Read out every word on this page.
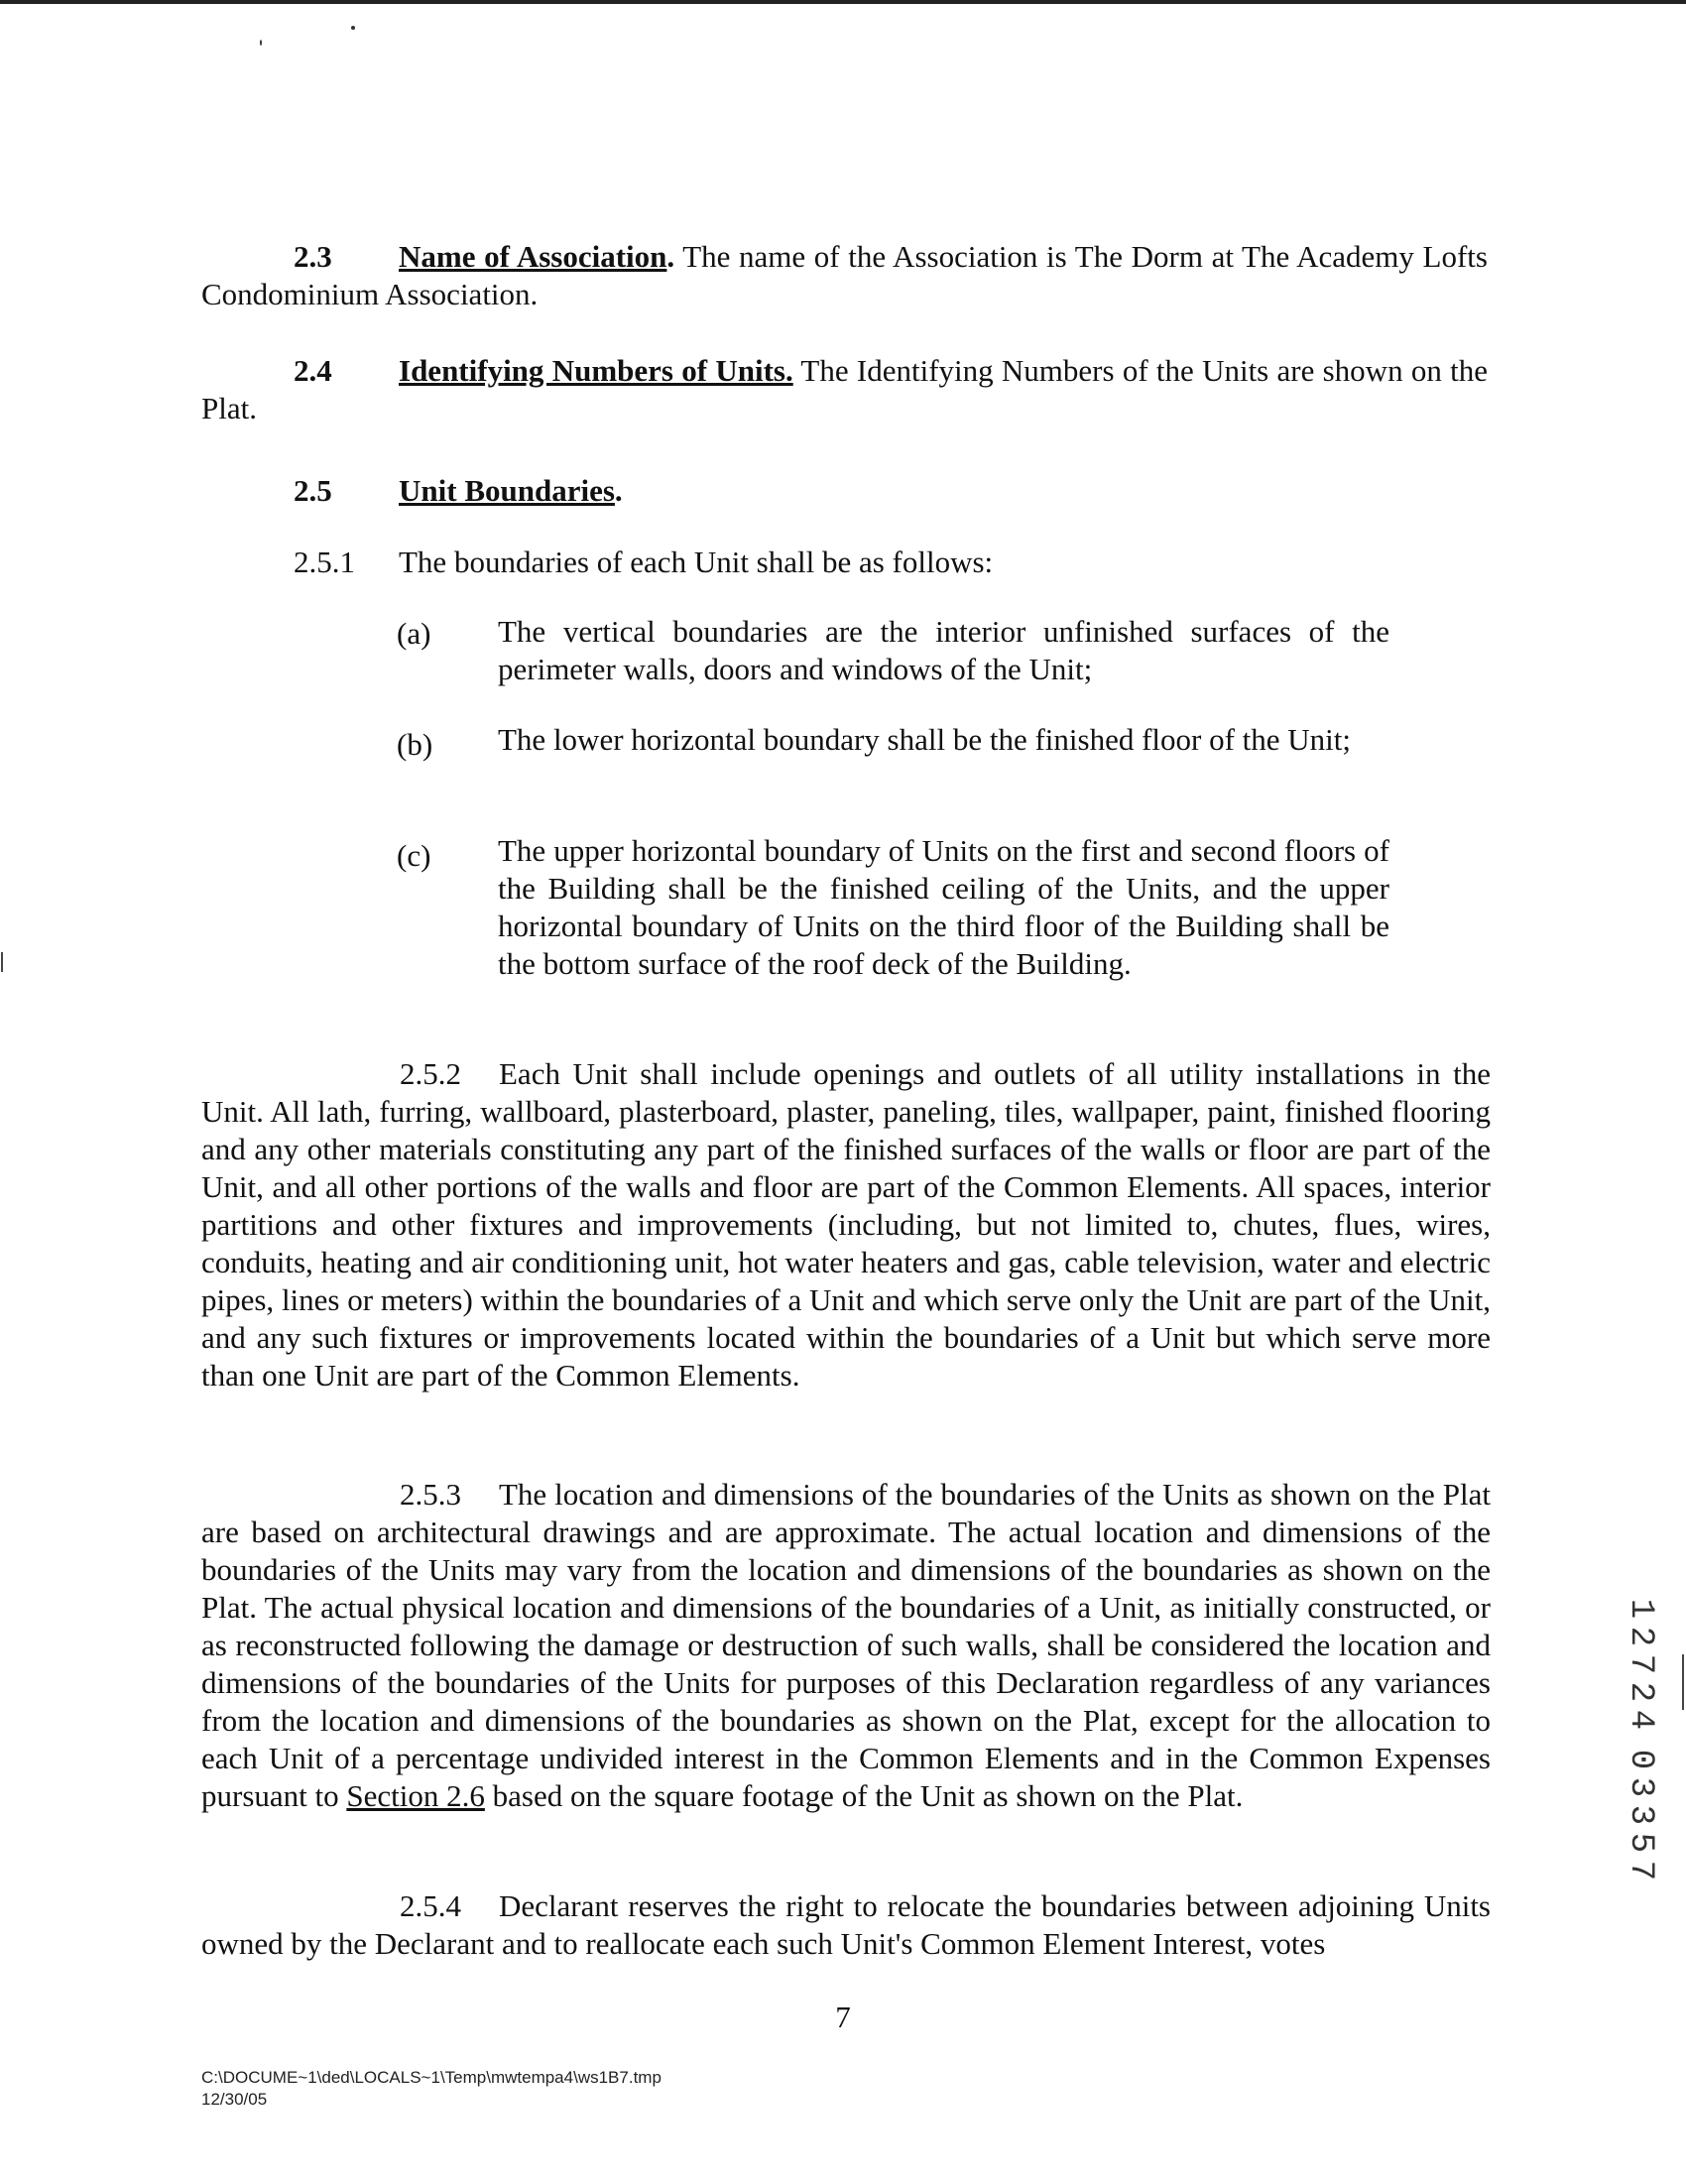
2.3 Name of Association. The name of the Association is The Dorm at The Academy Lofts Condominium Association.
2.4 Identifying Numbers of Units. The Identifying Numbers of the Units are shown on the Plat.
2.5 Unit Boundaries.
2.5.1 The boundaries of each Unit shall be as follows:
(a) The vertical boundaries are the interior unfinished surfaces of the perimeter walls, doors and windows of the Unit;
(b) The lower horizontal boundary shall be the finished floor of the Unit;
(c) The upper horizontal boundary of Units on the first and second floors of the Building shall be the finished ceiling of the Units, and the upper horizontal boundary of Units on the third floor of the Building shall be the bottom surface of the roof deck of the Building.
2.5.2 Each Unit shall include openings and outlets of all utility installations in the Unit. All lath, furring, wallboard, plasterboard, plaster, paneling, tiles, wallpaper, paint, finished flooring and any other materials constituting any part of the finished surfaces of the walls or floor are part of the Unit, and all other portions of the walls and floor are part of the Common Elements. All spaces, interior partitions and other fixtures and improvements (including, but not limited to, chutes, flues, wires, conduits, heating and air conditioning unit, hot water heaters and gas, cable television, water and electric pipes, lines or meters) within the boundaries of a Unit and which serve only the Unit are part of the Unit, and any such fixtures or improvements located within the boundaries of a Unit but which serve more than one Unit are part of the Common Elements.
2.5.3 The location and dimensions of the boundaries of the Units as shown on the Plat are based on architectural drawings and are approximate. The actual location and dimensions of the boundaries of the Units may vary from the location and dimensions of the boundaries as shown on the Plat. The actual physical location and dimensions of the boundaries of a Unit, as initially constructed, or as reconstructed following the damage or destruction of such walls, shall be considered the location and dimensions of the boundaries of the Units for purposes of this Declaration regardless of any variances from the location and dimensions of the boundaries as shown on the Plat, except for the allocation to each Unit of a percentage undivided interest in the Common Elements and in the Common Expenses pursuant to Section 2.6 based on the square footage of the Unit as shown on the Plat.
2.5.4 Declarant reserves the right to relocate the boundaries between adjoining Units owned by the Declarant and to reallocate each such Unit's Common Element Interest, votes
7
C:\DOCUME~1\ded\LOCALS~1\Temp\mwtempa4\ws1B7.tmp
12/30/05
1
2
7
2
4
0
3
3
5
7
